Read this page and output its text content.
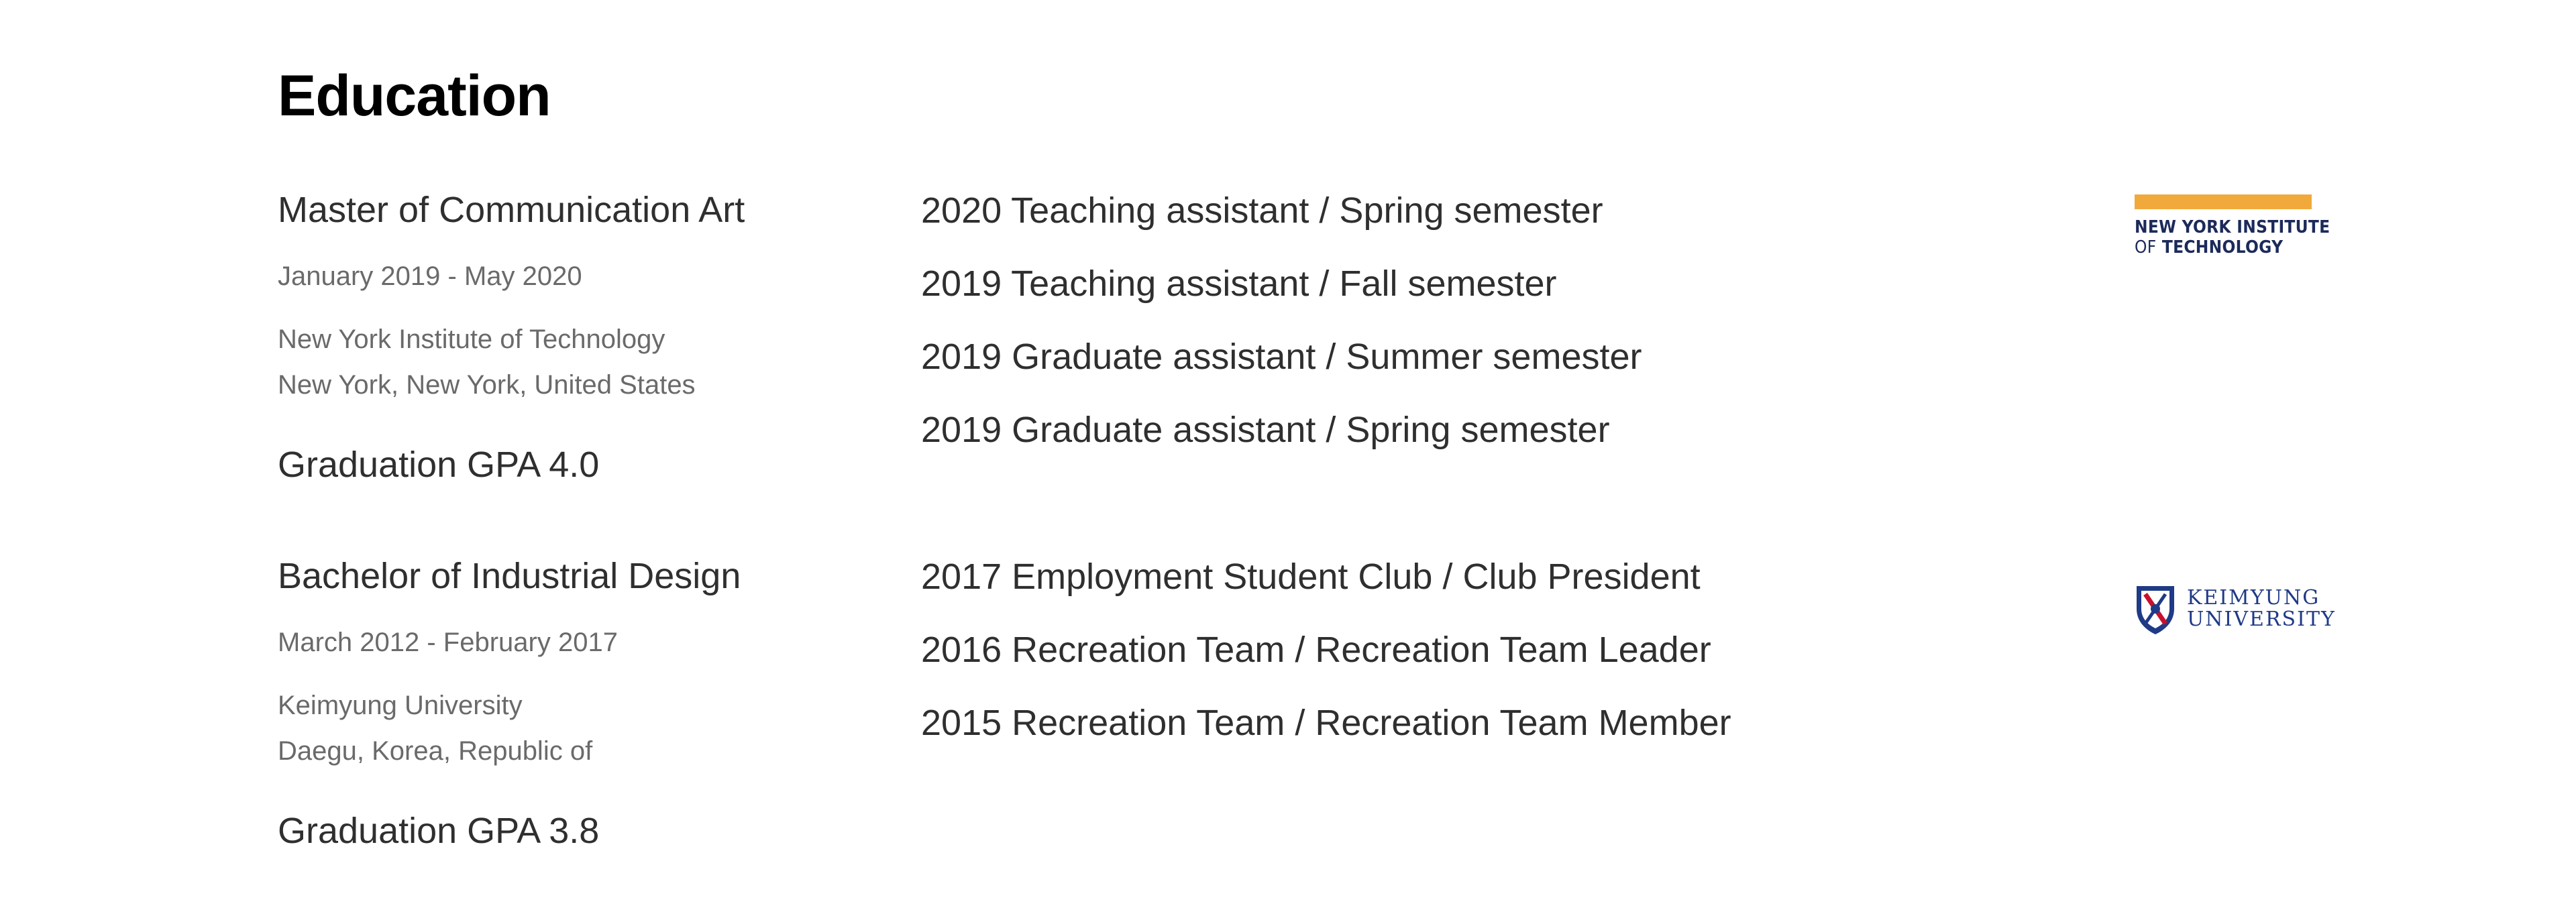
Education
Master of Communication Art
January 2019 - May 2020
New York Institute of Technology
New York, New York, United States
Graduation GPA 4.0
2020 Teaching assistant / Spring semester
2019 Teaching assistant / Fall semester
2019 Graduate assistant / Summer semester
2019 Graduate assistant / Spring semester
NEW YORK INSTITUTE
OF TECHNOLOGY
Bachelor of Industrial Design
March 2012 - February 2017
Keimyung University
Daegu, Korea, Republic of
Graduation GPA 3.8
2017 Employment Student Club / Club President
2016 Recreation Team / Recreation Team Leader
2015 Recreation Team / Recreation Team Member
KEIMYUNG
UNIVERSITY
